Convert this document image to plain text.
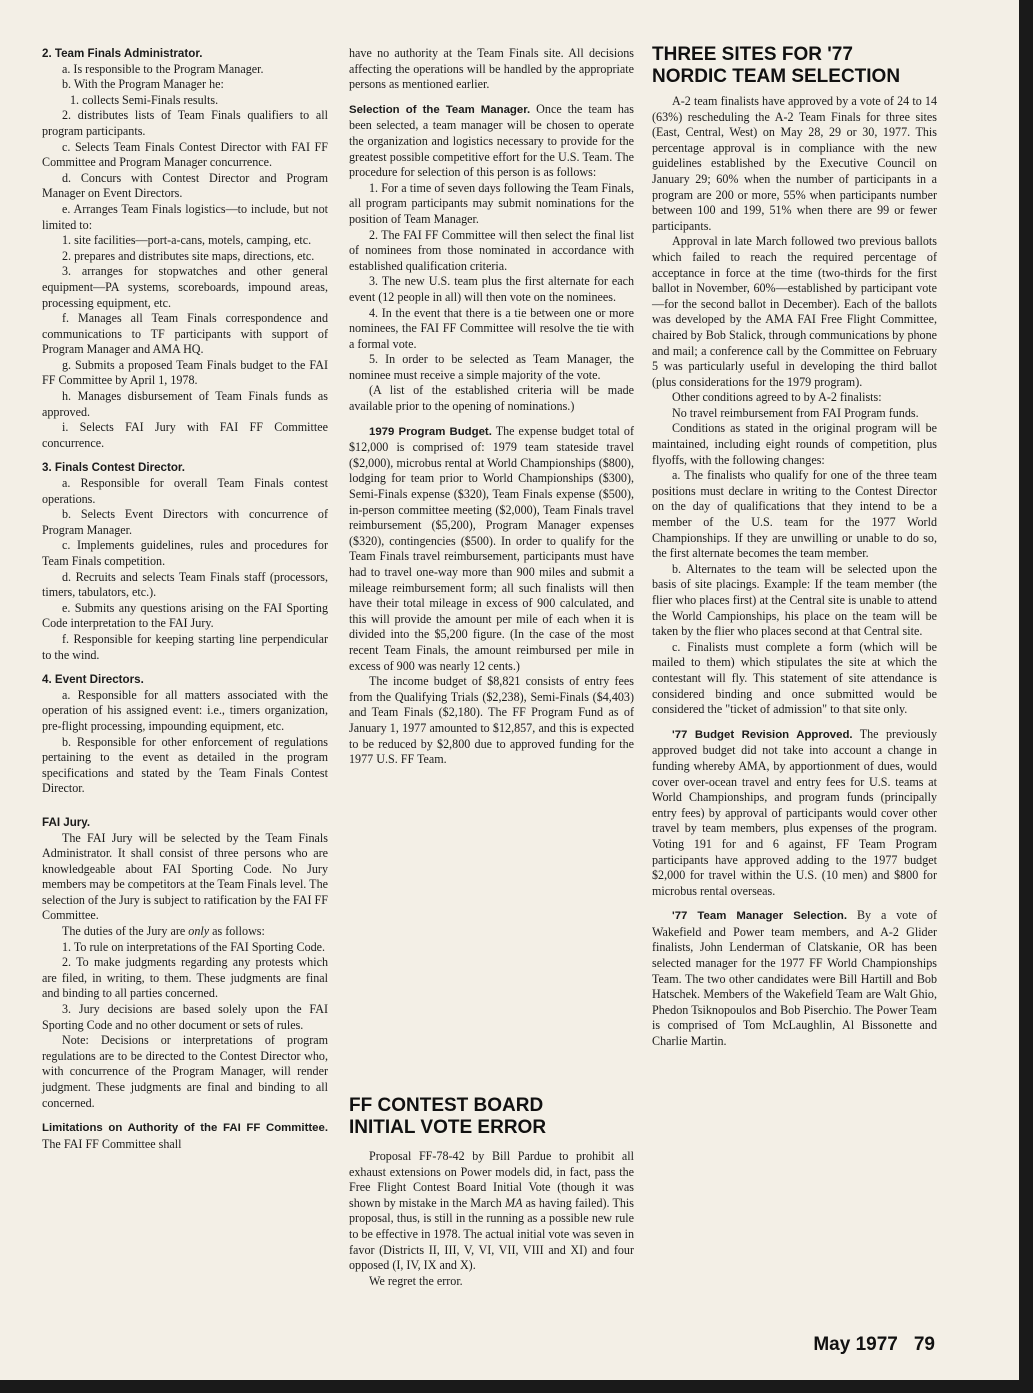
2. Team Finals Administrator.

a. Is responsible to the Program Manager.

b. With the Program Manager he:

1. collects Semi-Finals results.

2. distributes lists of Team Finals qualifiers to all program participants.

c. Selects Team Finals Contest Director with FAI FF Committee and Program Manager concurrence.

d. Concurs with Contest Director and Program Manager on Event Directors.

e. Arranges Team Finals logistics—to include, but not limited to:

1. site facilities—port-a-cans, motels, camping, etc.

2. prepares and distributes site maps, directions, etc.

3. arranges for stopwatches and other general equipment—PA systems, scoreboards, impound areas, processing equipment, etc.

f. Manages all Team Finals correspondence and communications to TF participants with support of Program Manager and AMA HQ.

g. Submits a proposed Team Finals budget to the FAI FF Committee by April 1, 1978.

h. Manages disbursement of Team Finals funds as approved.

i. Selects FAI Jury with FAI FF Committee concurrence.

3. Finals Contest Director.

a. Responsible for overall Team Finals contest operations.

b. Selects Event Directors with concurrence of Program Manager.

c. Implements guidelines, rules and procedures for Team Finals competition.

d. Recruits and selects Team Finals staff (processors, timers, tabulators, etc.).

e. Submits any questions arising on the FAI Sporting Code interpretation to the FAI Jury.

f. Responsible for keeping starting line perpendicular to the wind.

4. Event Directors.

a. Responsible for all matters associated with the operation of his assigned event: i.e., timers organization, pre-flight processing, impounding equipment, etc.

b. Responsible for other enforcement of regulations pertaining to the event as detailed in the program specifications and stated by the Team Finals Contest Director.

FAI Jury.

The FAI Jury will be selected by the Team Finals Administrator. It shall consist of three persons who are knowledgeable about FAI Sporting Code. No Jury members may be competitors at the Team Finals level. The selection of the Jury is subject to ratification by the FAI FF Committee.

The duties of the Jury are only as follows:

1. To rule on interpretations of the FAI Sporting Code.

2. To make judgments regarding any protests which are filed, in writing, to them. These judgments are final and binding to all parties concerned.

3. Jury decisions are based solely upon the FAI Sporting Code and no other document or sets of rules.

Note: Decisions or interpretations of program regulations are to be directed to the Contest Director who, with concurrence of the Program Manager, will render judgment. These judgments are final and binding to all concerned.

Limitations on Authority of the FAI FF Committee. The FAI FF Committee shall

have no authority at the Team Finals site. All decisions affecting the operations will be handled by the appropriate persons as mentioned earlier.

Selection of the Team Manager. Once the team has been selected, a team manager will be chosen to operate the organization and logistics necessary to provide for the greatest possible competitive effort for the U.S. Team. The procedure for selection of this person is as follows:

1. For a time of seven days following the Team Finals, all program participants may submit nominations for the position of Team Manager.

2. The FAI FF Committee will then select the final list of nominees from those nominated in accordance with established qualification criteria.

3. The new U.S. team plus the first alternate for each event (12 people in all) will then vote on the nominees.

4. In the event that there is a tie between one or more nominees, the FAI FF Committee will resolve the tie with a formal vote.

5. In order to be selected as Team Manager, the nominee must receive a simple majority of the vote.

(A list of the established criteria will be made available prior to the opening of nominations.)

1979 Program Budget. The expense budget total of $12,000 is comprised of: 1979 team stateside travel ($2,000), microbus rental at World Championships ($800), lodging for team prior to World Championships ($300), Semi-Finals expense ($320), Team Finals expense ($500), in-person committee meeting ($2,000), Team Finals travel reimbursement ($5,200), Program Manager expenses ($320), contingencies ($500). In order to qualify for the Team Finals travel reimbursement, participants must have had to travel one-way more than 900 miles and submit a mileage reimbursement form; all such finalists will then have their total mileage in excess of 900 calculated, and this will provide the amount per mile of each when it is divided into the $5,200 figure. (In the case of the most recent Team Finals, the amount reimbursed per mile in excess of 900 was nearly 12 cents.)

The income budget of $8,821 consists of entry fees from the Qualifying Trials ($2,238), Semi-Finals ($4,403) and Team Finals ($2,180). The FF Program Fund as of January 1, 1977 amounted to $12,857, and this is expected to be reduced by $2,800 due to approved funding for the 1977 U.S. FF Team.

FF CONTEST BOARD
INITIAL VOTE ERROR

Proposal FF-78-42 by Bill Pardue to prohibit all exhaust extensions on Power models did, in fact, pass the Free Flight Contest Board Initial Vote (though it was shown by mistake in the March MA as having failed). This proposal, thus, is still in the running as a possible new rule to be effective in 1978. The actual initial vote was seven in favor (Districts II, III, V, VI, VII, VIII and XI) and four opposed (I, IV, IX and X).

We regret the error.

THREE SITES FOR '77
NORDIC TEAM SELECTION

A-2 team finalists have approved by a vote of 24 to 14 (63%) rescheduling the A-2 Team Finals for three sites (East, Central, West) on May 28, 29 or 30, 1977. This percentage approval is in compliance with the new guidelines established by the Executive Council on January 29; 60% when the number of participants in a program are 200 or more, 55% when participants number between 100 and 199, 51% when there are 99 or fewer participants.

Approval in late March followed two previous ballots which failed to reach the required percentage of acceptance in force at the time (two-thirds for the first ballot in November, 60%—established by participant vote—for the second ballot in December). Each of the ballots was developed by the AMA FAI Free Flight Committee, chaired by Bob Stalick, through communications by phone and mail; a conference call by the Committee on February 5 was particularly useful in developing the third ballot (plus considerations for the 1979 program).

Other conditions agreed to by A-2 finalists:

No travel reimbursement from FAI Program funds.

Conditions as stated in the original program will be maintained, including eight rounds of competition, plus flyoffs, with the following changes:

a. The finalists who qualify for one of the three team positions must declare in writing to the Contest Director on the day of qualifications that they intend to be a member of the U.S. team for the 1977 World Championships. If they are unwilling or unable to do so, the first alternate becomes the team member.

b. Alternates to the team will be selected upon the basis of site placings. Example: If the team member (the flier who places first) at the Central site is unable to attend the World Campionships, his place on the team will be taken by the flier who places second at that Central site.

c. Finalists must complete a form (which will be mailed to them) which stipulates the site at which the contestant will fly. This statement of site attendance is considered binding and once submitted would be considered the "ticket of admission" to that site only.

'77 Budget Revision Approved. The previously approved budget did not take into account a change in funding whereby AMA, by apportionment of dues, would cover over-ocean travel and entry fees for U.S. teams at World Championships, and program funds (principally entry fees) by approval of participants would cover other travel by team members, plus expenses of the program. Voting 191 for and 6 against, FF Team Program participants have approved adding to the 1977 budget $2,000 for travel within the U.S. (10 men) and $800 for microbus rental overseas.

'77 Team Manager Selection. By a vote of Wakefield and Power team members, and A-2 Glider finalists, John Lenderman of Clatskanie, OR has been selected manager for the 1977 FF World Championships Team. The two other candidates were Bill Hartill and Bob Hatschek. Members of the Wakefield Team are Walt Ghio, Phedon Tsiknopoulos and Bob Piserchio. The Power Team is comprised of Tom McLaughlin, Al Bissonette and Charlie Martin.

May 1977 79
